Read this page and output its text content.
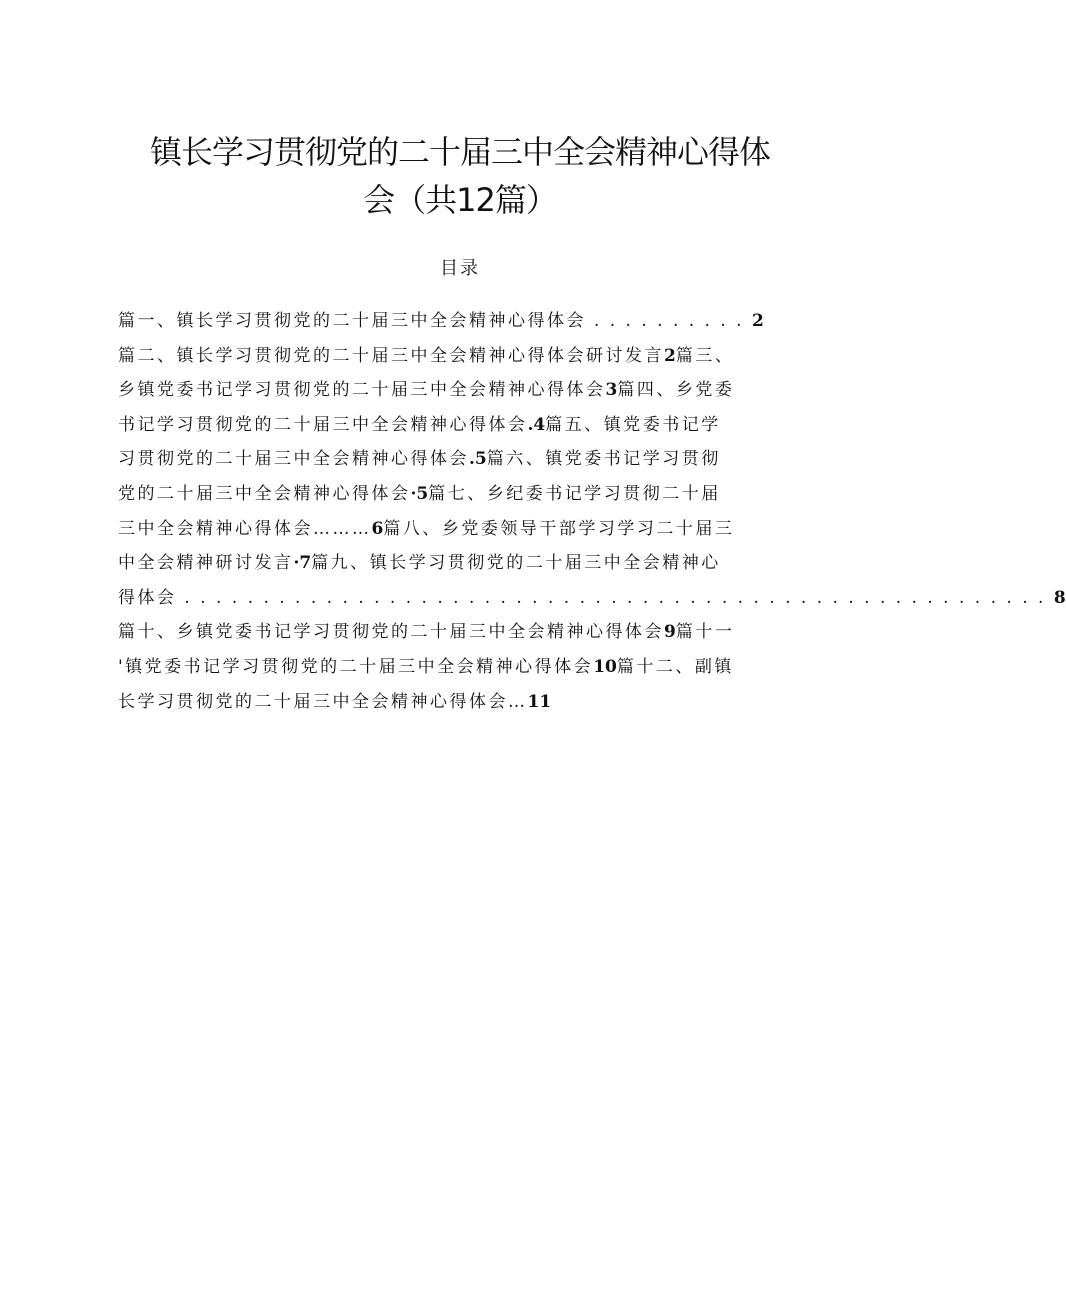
镇长学习贯彻党的二十届三中全会精神心得体
会（共12篇）
目录
篇一、镇长学习贯彻党的二十届三中全会精神心得体会 . . . . . . . . . . 2
篇二、镇长学习贯彻党的二十届三中全会精神心得体会研讨发言2篇三、
乡镇党委书记学习贯彻党的二十届三中全会精神心得体会3篇四、乡党委
书记学习贯彻党的二十届三中全会精神心得体会.4篇五、镇党委书记学
习贯彻党的二十届三中全会精神心得体会.5篇六、镇党委书记学习贯彻
党的二十届三中全会精神心得体会·5篇七、乡纪委书记学习贯彻二十届
三中全会精神心得体会………6篇八、乡党委领导干部学习学习二十届三
中全会精神研讨发言·7篇九、镇长学习贯彻党的二十届三中全会精神心
得体会 . . . . . . . . . . . . . . . . . . . . . . . . . . . . . . . . . . . . . . . . . . . . . . . . . . . . . . . 8
篇十、乡镇党委书记学习贯彻党的二十届三中全会精神心得体会9篇十一
'镇党委书记学习贯彻党的二十届三中全会精神心得体会10篇十二、副镇
长学习贯彻党的二十届三中全会精神心得体会…11
